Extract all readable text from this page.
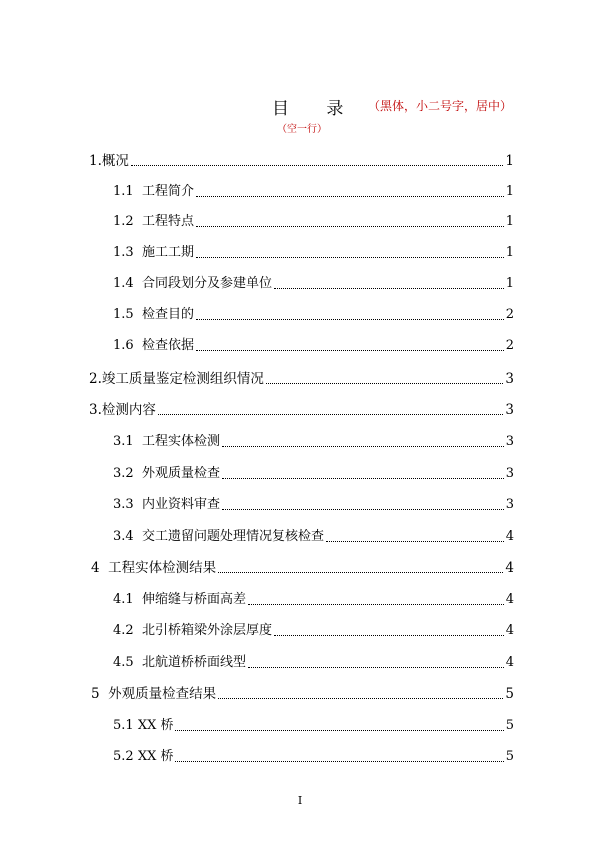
目 录 （黑体，小二号字，居中）
（空一行）
1. 概况	1
1.1 工程简介	1
1.2 工程特点	1
1.3 施工工期	1
1.4 合同段划分及参建单位	1
1.5 检查目的	2
1.6 检查依据	2
2. 竣工质量鉴定检测组织情况	3
3. 检测内容	3
3.1 工程实体检测	3
3.2 外观质量检查	3
3.3 内业资料审查	3
3.4 交工遗留问题处理情况复核检查	4
4 工程实体检测结果	4
4.1 伸缩缝与桥面高差	4
4.2 北引桥箱梁外涂层厚度	4
4.5 北航道桥桥面线型	4
5 外观质量检查结果	5
5.1 XX 桥	5
5.2 XX 桥	5
I
